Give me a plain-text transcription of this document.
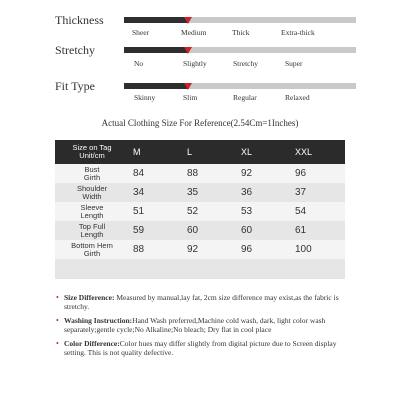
Thickness
Sheer	Medium	Thick	Extra-thick
Stretchy
No	Slightly	Stretchy	Super
Fit Type
Skinny	Slim	Regular	Relaxed
Actual Clothing Size For Reference(2.54Cm=1Inches)
Size on Tag
Unit/cm	M	L	XL	XXL

Bust
Girth	84	88	92	96

Shoulder
Width	34	35	36	37

Sleeve
Length	51	52	53	54

Top Full
Length	59	60	60	61

Bottom Hem
Girth	88	92	96	100

• Size Difference: Measured by manual,lay fat, 2cm size difference may exist,as the fabric is stretchy.
• Washing Instruction:Hand Wash preferred,Machine cold wash, dark, light color wash separately;gentle cycle;No Alkaline;No bleach; Dry flat in cool place
• Color Difference:Color hues may differ slightly from digital picture due to Screen display setting. This is not quality defective.
